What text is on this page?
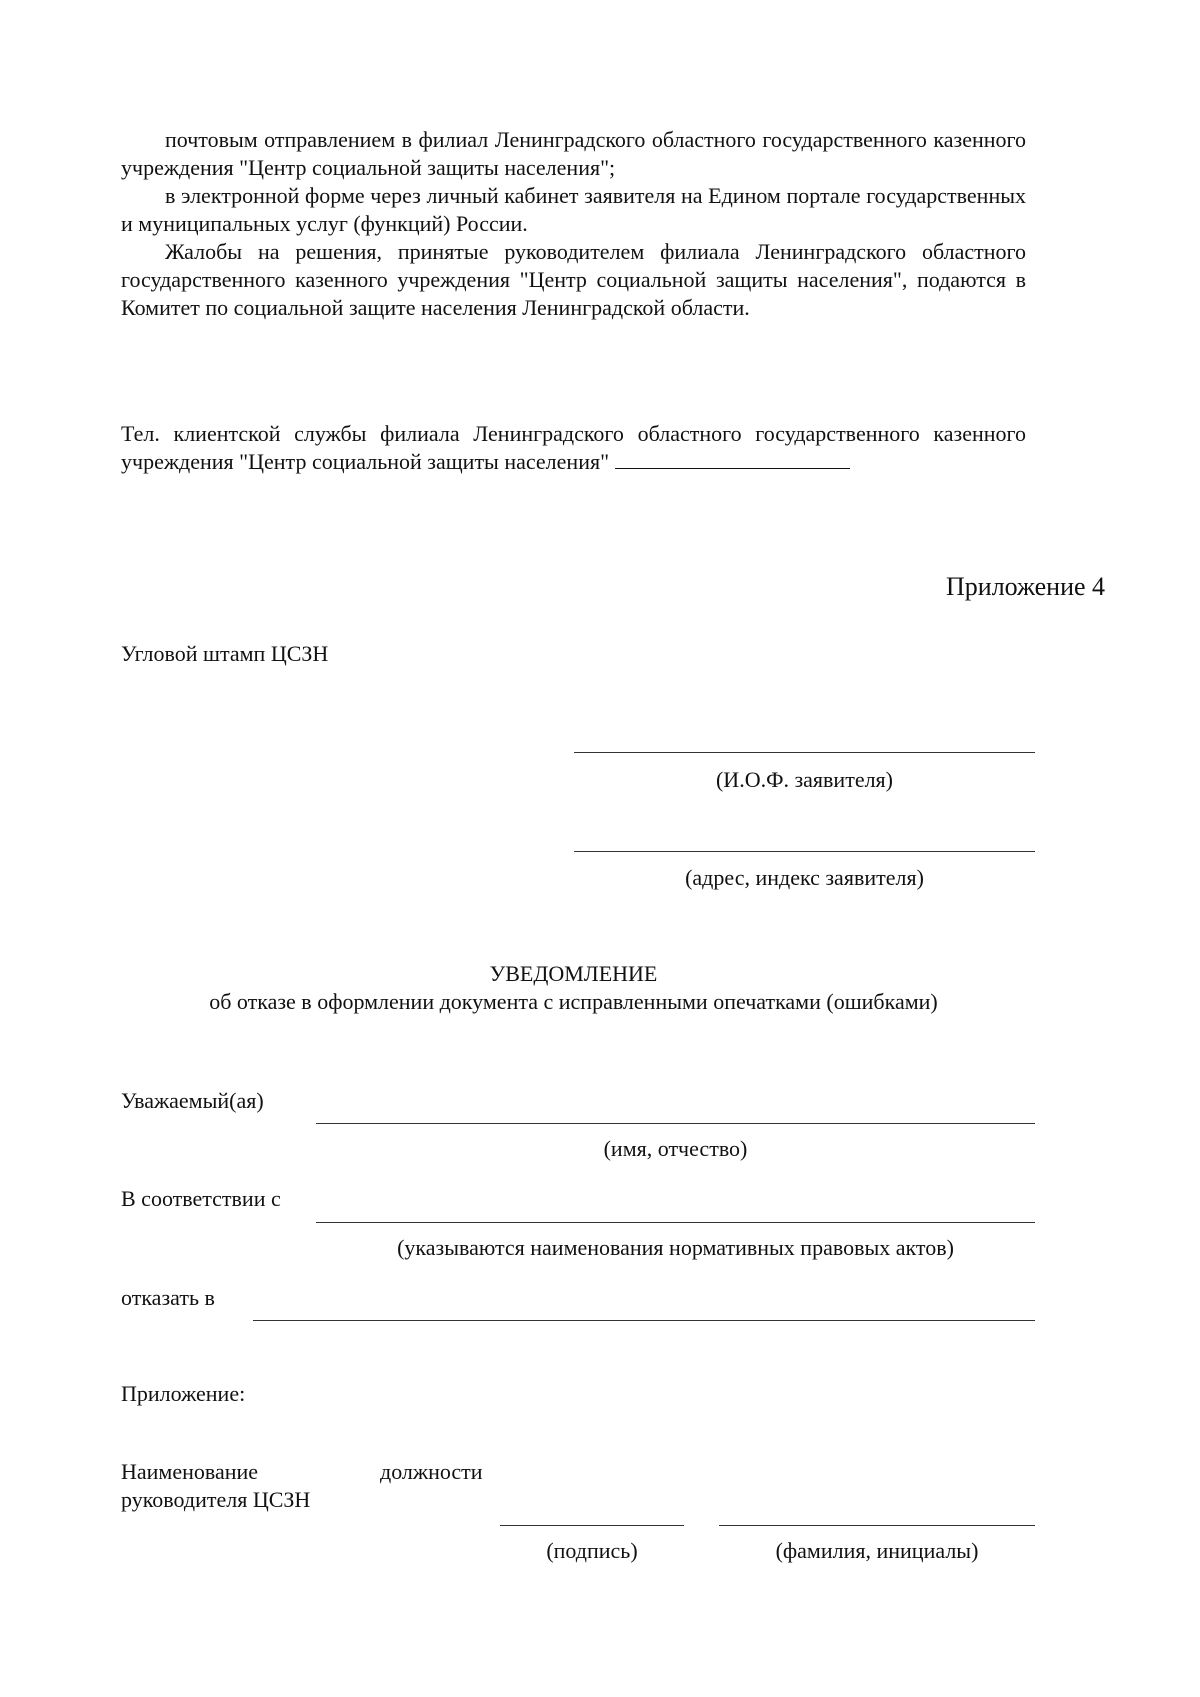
почтовым отправлением в филиал Ленинградского областного государственного казенного учреждения "Центр социальной защиты населения";

в электронной форме через личный кабинет заявителя на Едином портале государственных и муниципальных услуг (функций) России.

Жалобы на решения, принятые руководителем филиала Ленинградского областного государственного казенного учреждения "Центр социальной защиты населения", подаются в Комитет по социальной защите населения Ленинградской области.

Тел. клиентской службы филиала Ленинградского областного государственного казенного учреждения "Центр социальной защиты населения"

Приложение 4
Угловой штамп ЦСЗН
(И.О.Ф. заявителя)
(адрес, индекс заявителя)
УВЕДОМЛЕНИЕ
об отказе в оформлении документа с исправленными опечатками (ошибками)
Уважаемый(ая)
(имя, отчество)
В соответствии с
(указываются наименования нормативных правовых актов)
отказать в
Приложение:
Наименование	должности
руководителя ЦСЗН
(подпись)	(фамилия, инициалы)
